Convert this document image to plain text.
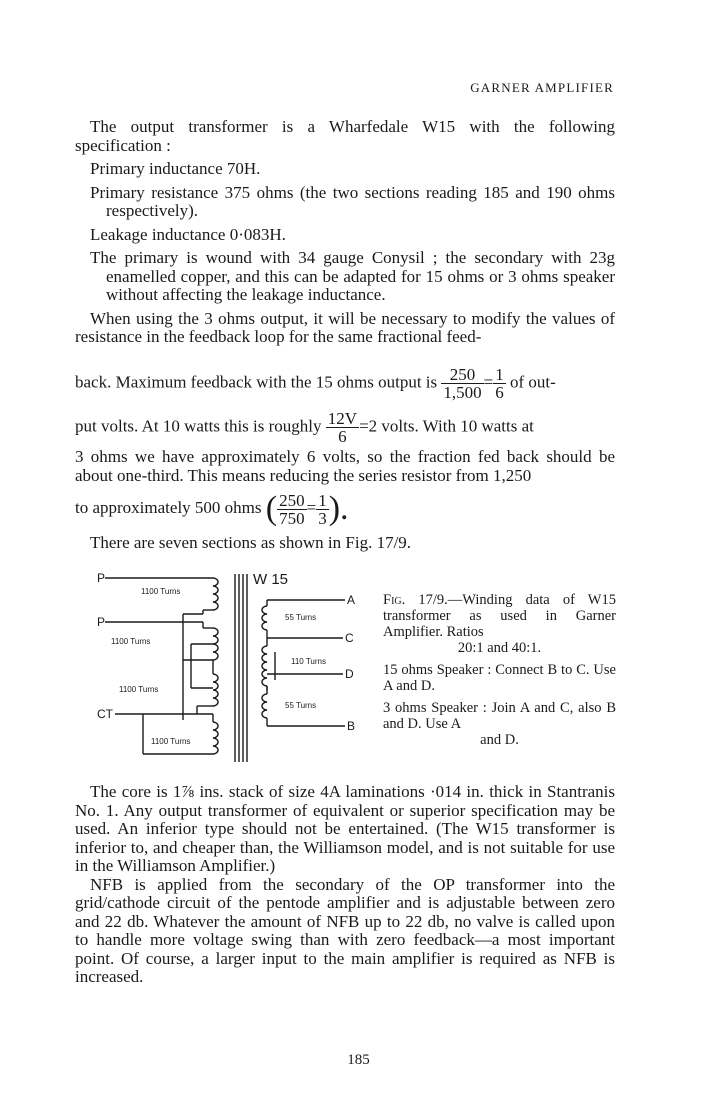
GARNER AMPLIFIER

The output transformer is a Wharfedale W15 with the following specification :

Primary inductance 70H.

Primary resistance 375 ohms (the two sections reading 185 and 190 ohms respectively).

Leakage inductance 0·083H.

The primary is wound with 34 gauge Conysil ; the secondary with 23g enamelled copper, and this can be adapted for 15 ohms or 3 ohms speaker without affecting the leakage inductance.

When using the 3 ohms output, it will be necessary to modify the values of resistance in the feedback loop for the same fractional feed-

back. Maximum feedback with the 15 ohms output is $\frac{250}{1,500} = \frac{1}{6}$ of out-
put volts. At 10 watts this is roughly $\frac{12V}{6} =2$ volts. With 10 watts at

3 ohms we have approximately 6 volts, so the fraction fed back should be about one-third. This means reducing the series resistor from 1,250

to approximately 500 ohms ( $\frac{250}{750} = \frac{1}{3}$ ).

There are seven sections as shown in Fig. 17/9.

W 15
P
P
CT
A
C
D
B
1100 Turns
1100 Turns
1100 Turns
1100 Turns
55 Turns
110 Turns
55 Turns

Fig. 17/9.—Winding data of W15 transformer as used in Garner Amplifier. Ratios

20:1 and 40:1.

15 ohms Speaker : Connect B to C. Use A and D.

3 ohms Speaker : Join A and C, also B and D. Use A

and D.

The core is 1⅞ ins. stack of size 4A laminations ·014 in. thick in Stantranis No. 1. Any output transformer of equivalent or superior specification may be used. An inferior type should not be entertained. (The W15 transformer is inferior to, and cheaper than, the Williamson model, and is not suitable for use in the Williamson Amplifier.)

NFB is applied from the secondary of the OP transformer into the grid/cathode circuit of the pentode amplifier and is adjustable between zero and 22 db. Whatever the amount of NFB up to 22 db, no valve is called upon to handle more voltage swing than with zero feedback—a most important point. Of course, a larger input to the main amplifier is required as NFB is increased.

185
